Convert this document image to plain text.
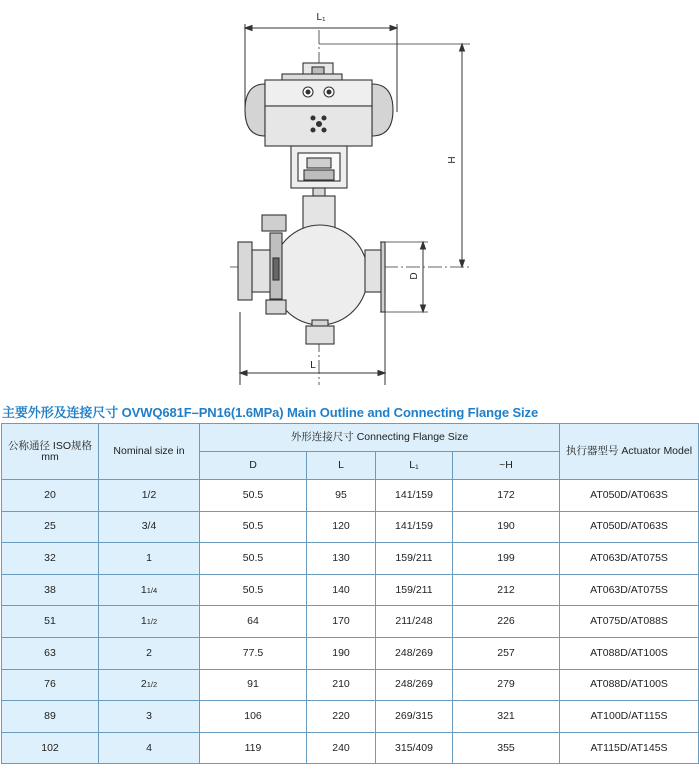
L₁
H
D
L
主要外形及连接尺寸 OVWQ681F–PN16(1.6MPa) Main Outline and Connecting Flange Size
公称通径 ISO规格 mm	Nominal size in	外形连接尺寸 Connecting Flange Size				执行器型号 Actuator Model
		D	L	L₁	~H	
20	1/2	50.5	95	141/159	172	AT050D/AT063S
25	3/4	50.5	120	141/159	190	AT050D/AT063S
32	1	50.5	130	159/211	199	AT063D/AT075S
38	11/4	50.5	140	159/211	212	AT063D/AT075S
51	11/2	64	170	211/248	226	AT075D/AT088S
63	2	77.5	190	248/269	257	AT088D/AT100S
76	21/2	91	210	248/269	279	AT088D/AT100S
89	3	106	220	269/315	321	AT100D/AT115S
102	4	119	240	315/409	355	AT115D/AT145S
